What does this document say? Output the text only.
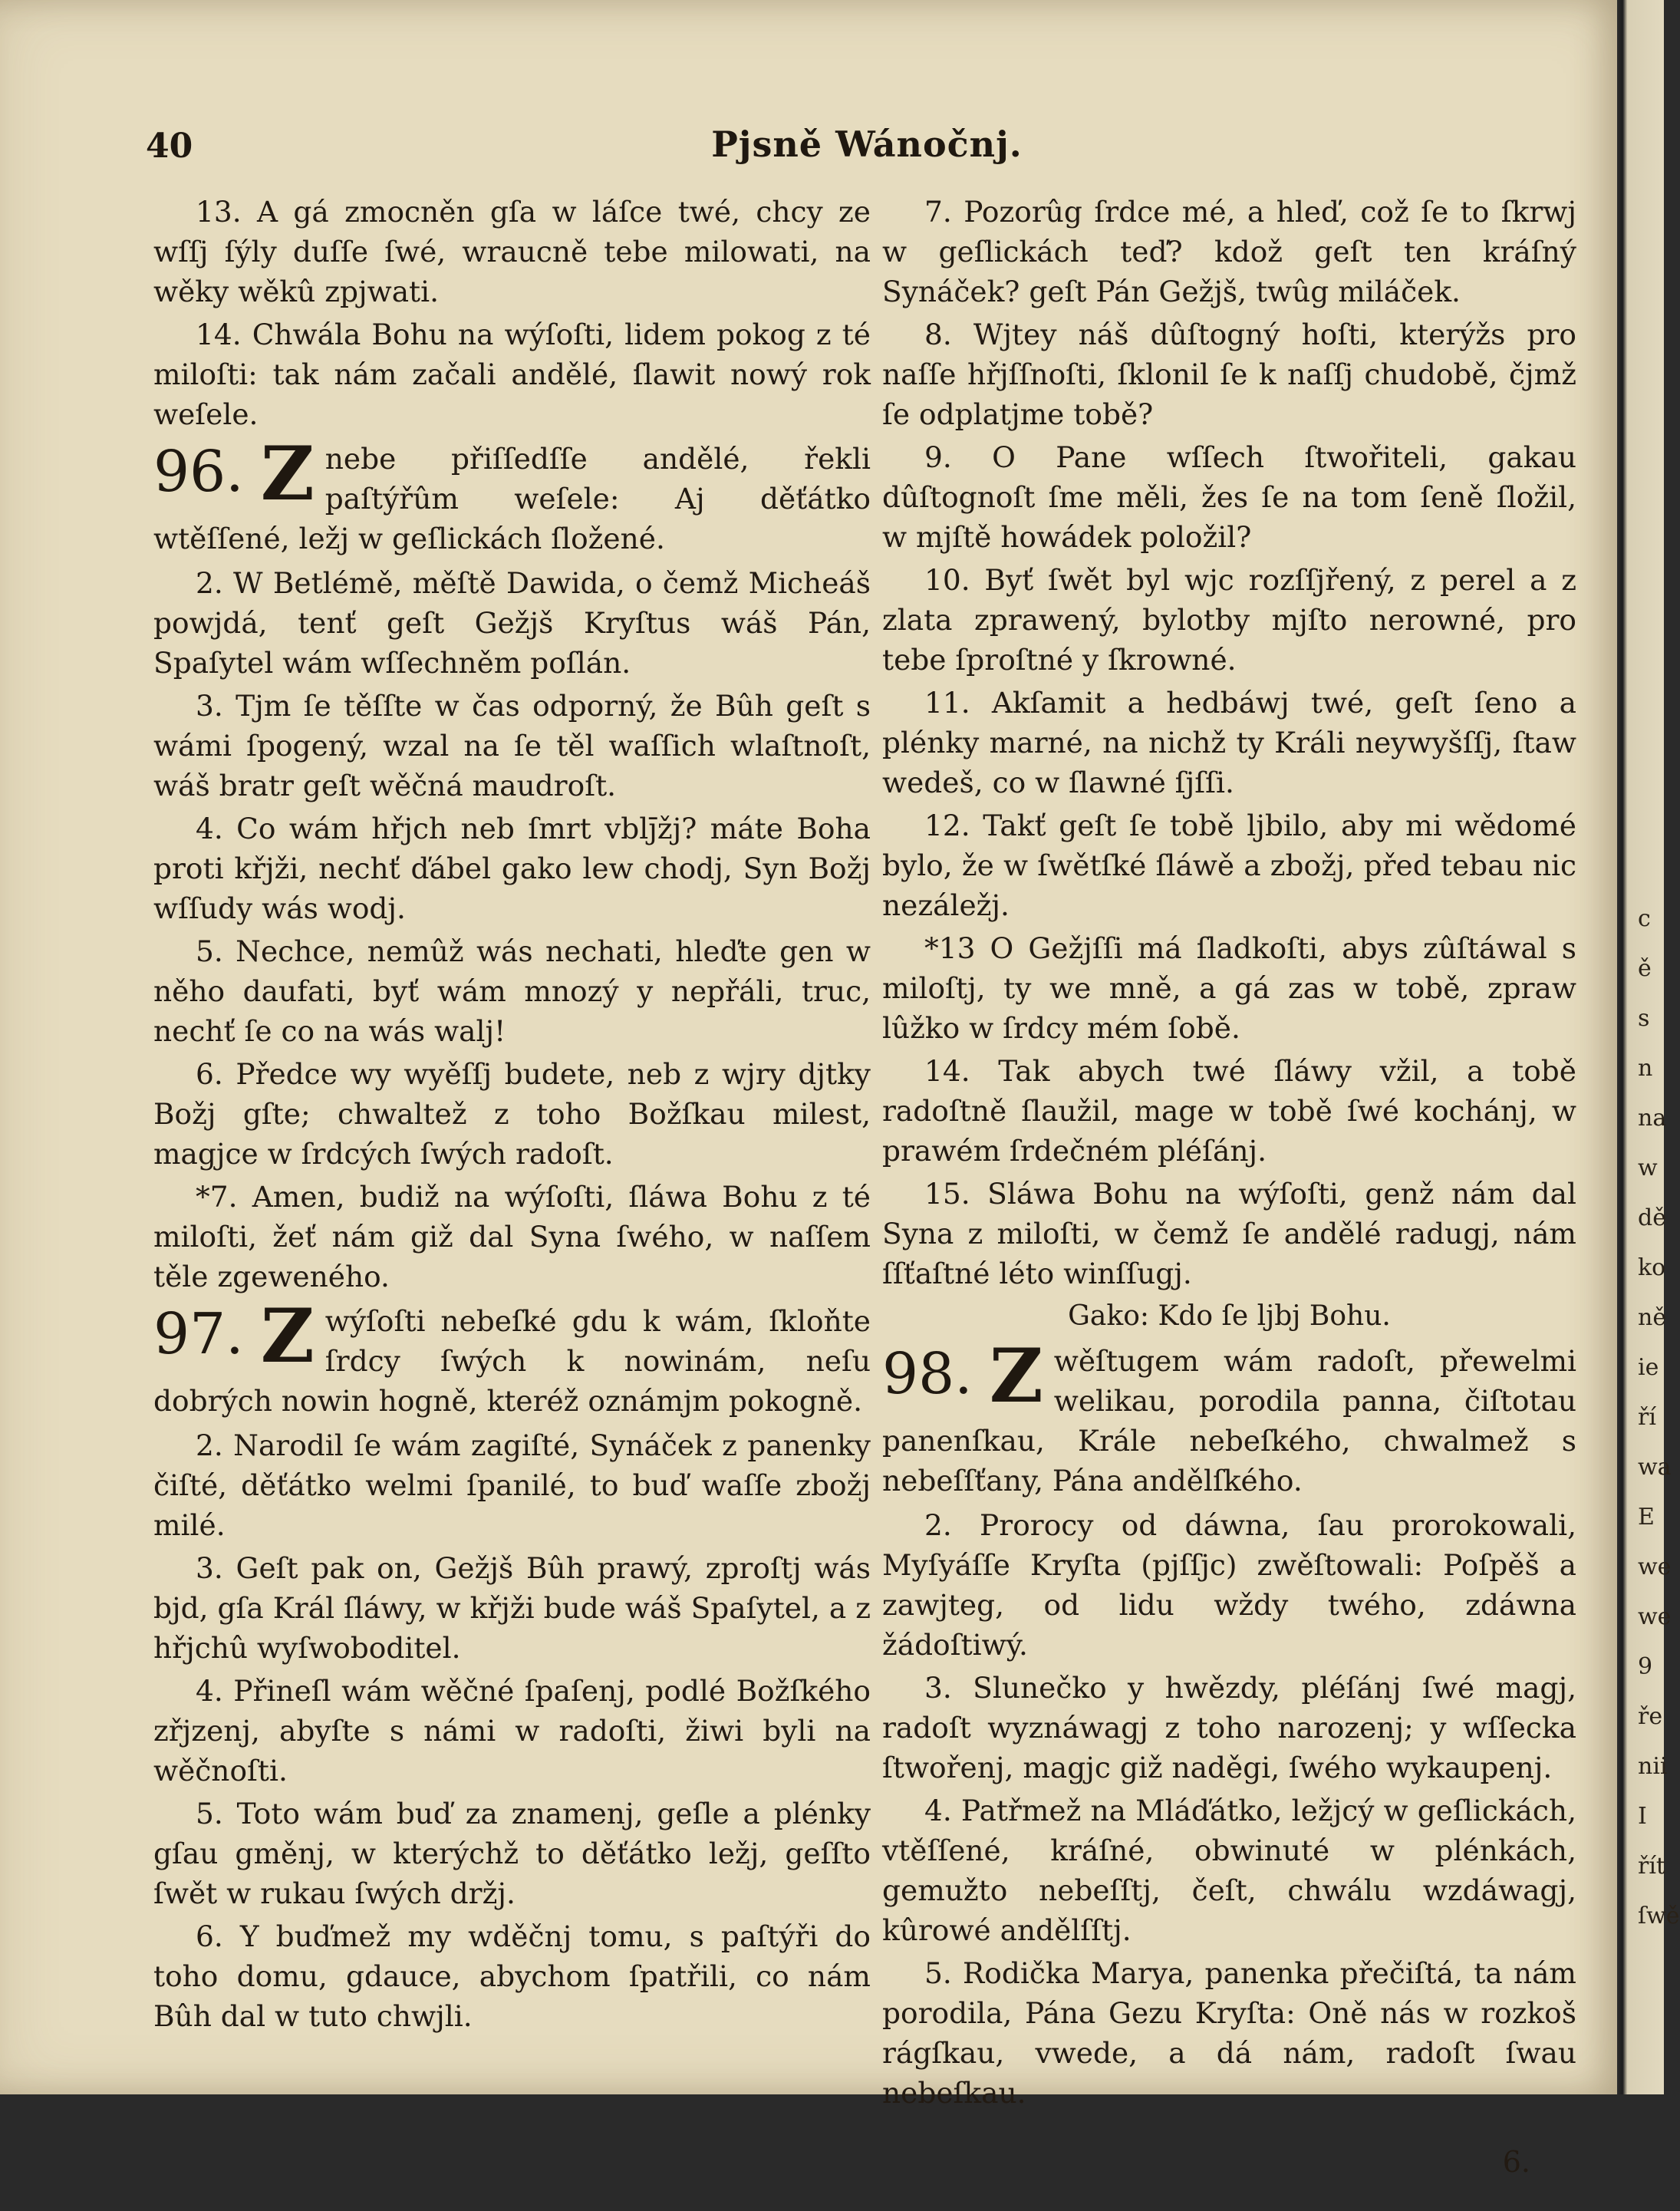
40	Pjsně Wánočnj.

13. A gá zmocněn gſa w láſce twé, chcy ze wſſj ſýly duſſe ſwé, wraucně tebe milowati, na wěky wěkû zpjwati.

14. Chwála Bohu na wýſoſti, lidem pokog z té miloſti: tak nám začali andělé, ſlawit nowý rok weſele.

96. Z nebe přiſſedſſe andělé, řekli paſtýřûm weſele: Aj děťátko wtěſſené, ležj w geſlickách ſložené.

2. W Betlémě, měſtě Dawida, o čemž Micheáš powjdá, tenť geſt Gežjš Kryſtus wáš Pán, Spaſytel wám wſſechněm poſlán.

3. Tjm ſe těſſte w čas odporný, že Bûh geſt s wámi ſpogený, wzal na ſe těl waſſich wlaſtnoſt, wáš bratr geſt wěčná maudroſt.

4. Co wám hřjch neb ſmrt vblj̄žj? máte Boha proti křjži, nechť ďábel gako lew chodj, Syn Božj wſſudy wás wodj.

5. Nechce, nemûž wás nechati, hleďte gen w něho daufati, byť wám mnozý y nepřáli, truc, nechť ſe co na wás walj!

6. Předce wy wyěſſj budete, neb z wjry djtky Božj gſte; chwaltež z toho Božſkau milest, magjce w ſrdcých ſwých radoſt.

*7. Amen, budiž na wýſoſti, ſláwa Bohu z té miloſti, žeť nám giž dal Syna ſwého, w naſſem těle zgeweného.

97. Z wýſoſti nebeſké gdu k wám, ſkloňte ſrdcy ſwých k nowinám, neſu dobrých nowin hogně, kteréž oznámjm pokogně.

2. Narodil ſe wám zagiſté, Synáček z panenky čiſté, děťátko welmi ſpanilé, to buď waſſe zbožj milé.

3. Geſt pak on, Gežjš Bûh prawý, zproſtj wás bjd, gſa Král ſláwy, w křjži bude wáš Spaſytel, a z hřjchû wyſwoboditel.

4. Přineſl wám wěčné ſpaſenj, podlé Božſkého zřjzenj, abyſte s námi w radoſti, žiwi byli na wěčnoſti.

5. Toto wám buď za znamenj, geſle a plénky gſau gměnj, w kterýchž to děťátko ležj, geſſto ſwět w rukau ſwých držj.

6. Y buďmež my wděčnj tomu, s paſtýři do toho domu, gdauce, abychom ſpatřili, co nám Bûh dal w tuto chwjli.

7. Pozorûg ſrdce mé, a hleď, což ſe to ſkrwj w geſlickách teď? kdož geſt ten kráſný Synáček? geſt Pán Gežjš, twûg miláček.

8. Wjtey náš dûſtogný hoſti, kterýžs pro naſſe hřjſſnoſti, ſklonil ſe k naſſj chudobě, čjmž ſe odplatjme tobě?

9. O Pane wſſech ſtwořiteli, gakau dûſtognoſt ſme měli, žes ſe na tom ſeně ſložil, w mjſtě howádek položil?

10. Byť ſwět byl wjc rozſſjřený, z perel a z zlata zprawený, bylotby mjſto nerowné, pro tebe ſproſtné y ſkrowné.

11. Akſamit a hedbáwj twé, geſt ſeno a plénky marné, na nichž ty Králi neywyšſſj, ſtaw wedeš, co w ſlawné ſjſſi.

12. Takť geſt ſe tobě ljbilo, aby mi wědomé bylo, že w ſwětſké ſláwě a zbožj, před tebau nic nezáležj.

*13 O Gežjſſi má ſladkoſti, abys zûſtáwal s miloſtj, ty we mně, a gá zas w tobě, zpraw lûžko w ſrdcy mém ſobě.

14. Tak abych twé ſláwy vžil, a tobě radoſtně ſlaužil, mage w tobě ſwé kochánj, w prawém ſrdečném pléſánj.

15. Sláwa Bohu na wýſoſti, genž nám dal Syna z miloſti, w čemž ſe andělé radugj, nám ſſťaſtné léto winſſugj.

Gako: Kdo ſe ljbj Bohu.

98. Z wěſtugem wám radoſt, přewelmi welikau, porodila panna, čiſtotau panenſkau, Krále nebeſkého, chwalmež s nebeſſťany, Pána andělſkého.

2. Prorocy od dáwna, ſau prorokowali, Myſyáſſe Kryſta (pjſſjc) zwěſtowali: Poſpěš a zawjteg, od lidu wždy twého, zdáwna žádoſtiwý.

3. Slunečko y hwězdy, pléſánj ſwé magj, radoſt wyznáwagj z toho narozenj; y wſſecka ſtwořenj, magjc giž naděgi, ſwého wykaupenj.

4. Patřmež na Mláďátko, ležjcý w geſlickách, vtěſſené, kráſné, obwinuté w plénkách, gemužto nebeſſtj, čeſt, chwálu wzdáwagj, kûrowé andělſſtj.

5. Rodička Marya, panenka přečiſtá, ta nám porodila, Pána Gezu Kryſta: Oně nás w rozkoš rágſkau, vwede, a dá nám, radoſt ſwau nebeſkau.

6.

c
ě
s
n
na
w
dě
ko
ně
ie
ří
wa
E
we
we
9
ře
nii
I
řít
ſwě
